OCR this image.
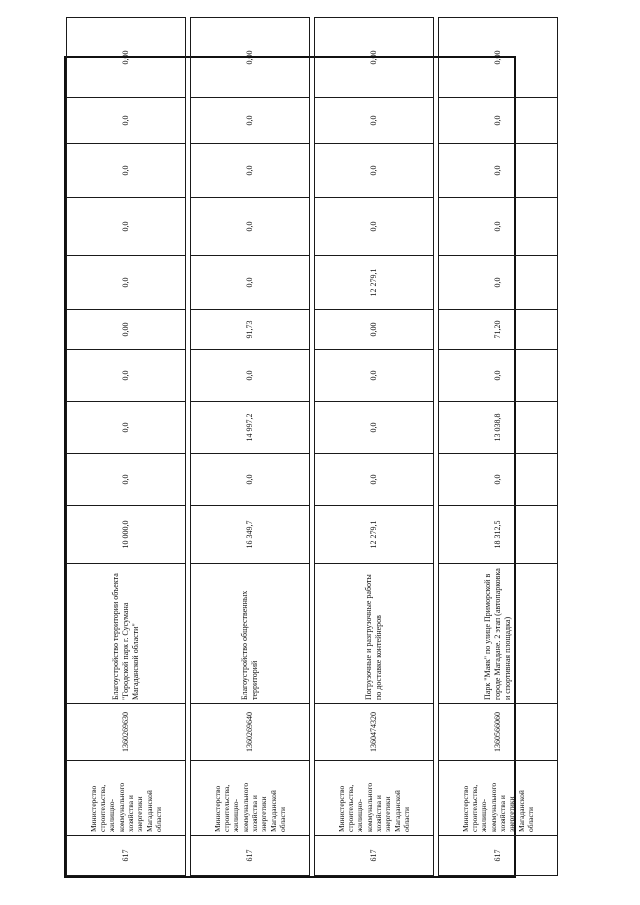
617	Министерство строительства, жилищно-коммунального хозяйства и энергетики Магаданской области	1360269630	Благоустройство территории объекта "Городской парк г. Сусумана Магаданской области"	10 000,0	0,0	0,0	0,0	0,00	0,0	0,0	0,0	0,0	0,00

617	Министерство строительства, жилищно-коммунального хозяйства и энергетики Магаданской области	1360269640	Благоустройство общественных территорий	16 349,7	0,0	14 997,2	0,0	91,73	0,0	0,0	0,0	0,0	0,00

617	Министерство строительства, жилищно-коммунального хозяйства и энергетики Магаданской области	1360474320	Погрузочные и разгрузочные работы по доставке контейнеров	12 279,1	0,0	0,0	0,0	0,00	12 279,1	0,0	0,0	0,0	0,00

617	Министерство строительства, жилищно-коммунального хозяйства и энергетики Магаданской области	1360566060	Парк "Маяк" по улице Приморской в городе Магадане. 2 этап (автопарковка и спортивная площадка)	18 312,5	0,0	13 038,8	0,0	71,20	0,0	0,0	0,0	0,0	0,00
